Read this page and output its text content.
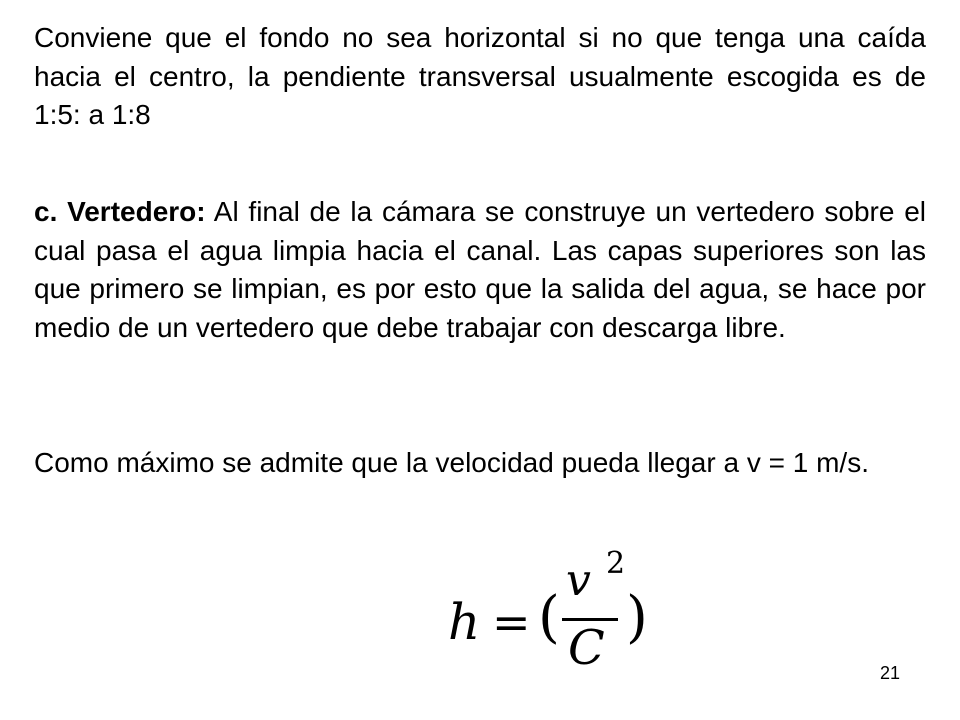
Conviene que el fondo no sea horizontal si no que tenga una caída hacia el centro, la pendiente transversal usualmente escogida es de 1:5: a 1:8

c. Vertedero: Al final de la cámara se construye un vertedero sobre el cual pasa el agua limpia hacia el canal. Las capas superiores son las que primero se limpian, es por esto que la salida del agua, se hace por medio de un vertedero que debe trabajar con descarga libre.

Como máximo se admite que la velocidad pueda llegar a v = 1 m/s.

h = (
v 2
C )
21
